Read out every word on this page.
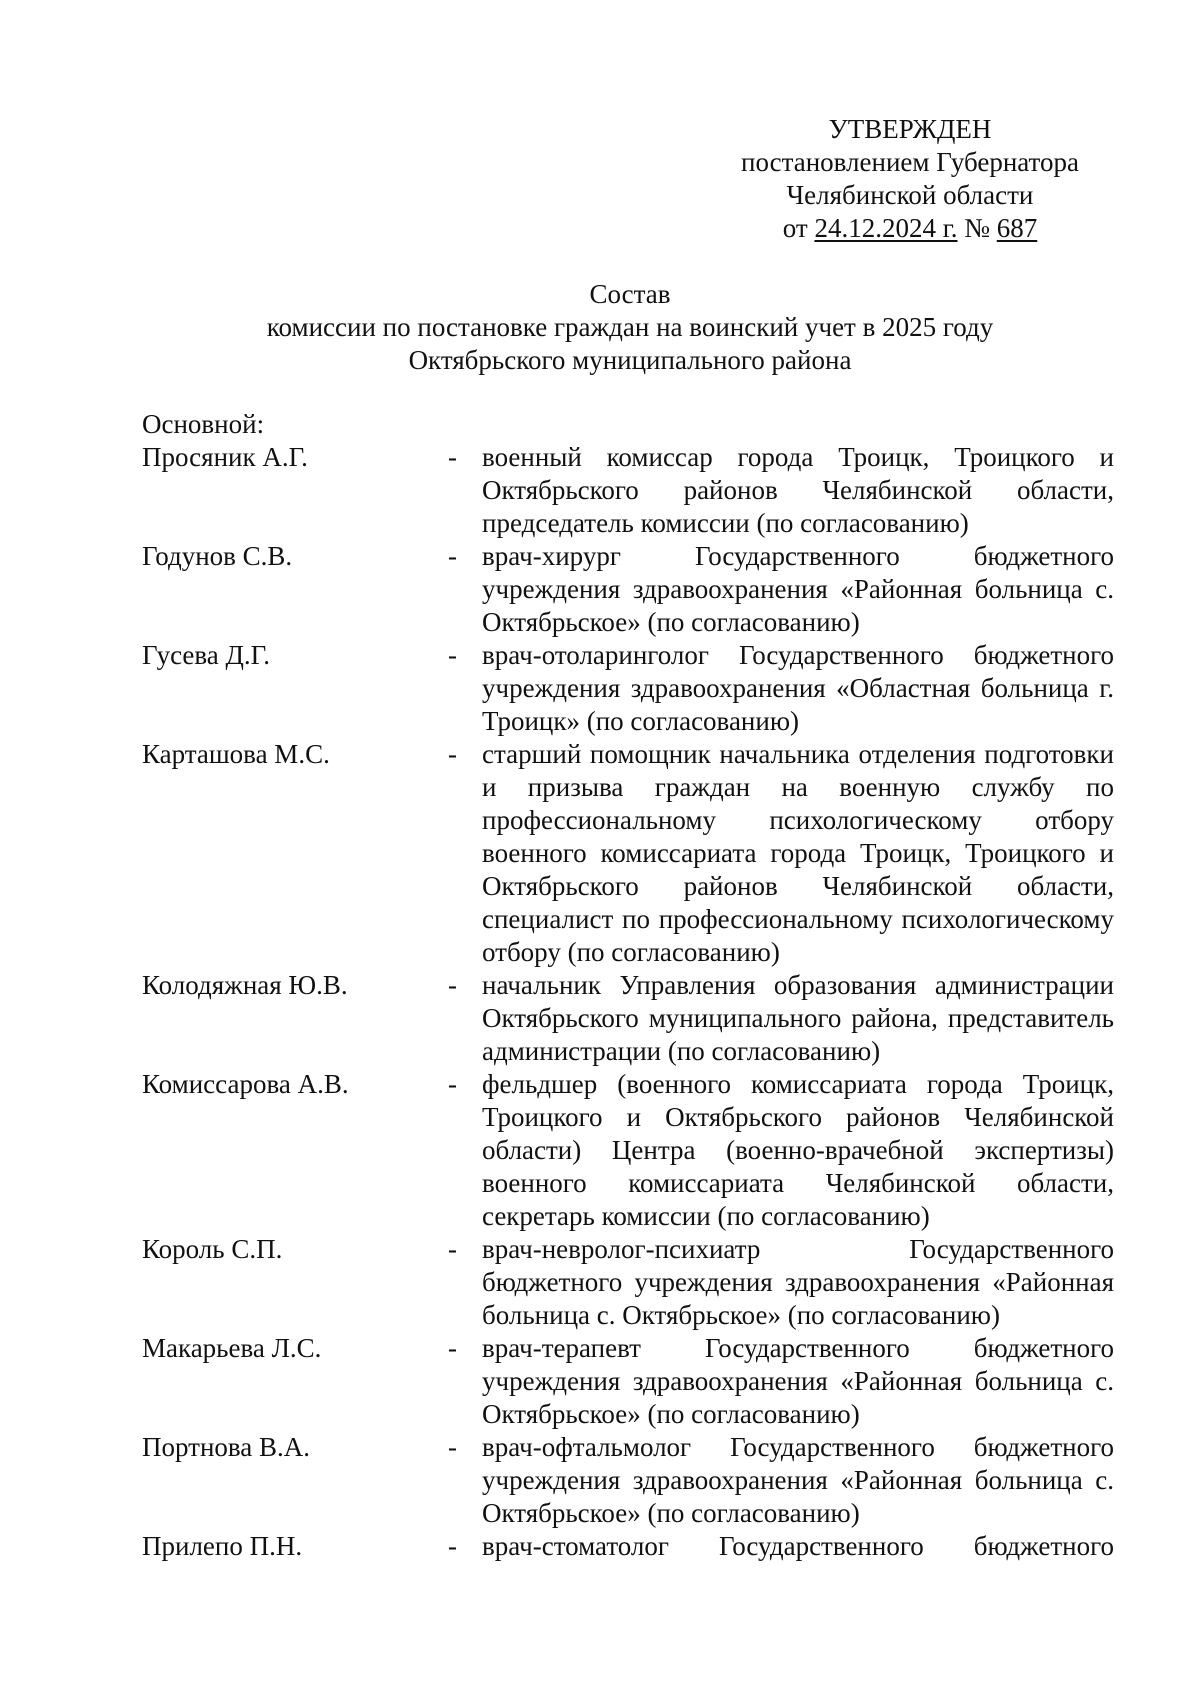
УТВЕРЖДЕН
постановлением Губернатора
Челябинской области
от 24.12.2024 г. № 687
Состав
комиссии по постановке граждан на воинский учет в 2025 году
Октябрьского муниципального района
Основной:
Просяник А.Г.	- военный комиссар города Троицк, Троицкого и Октябрьского районов Челябинской области, председатель комиссии (по согласованию)
Годунов С.В.	- врач-хирург Государственного бюджетного учреждения здравоохранения «Районная больница с. Октябрьское» (по согласованию)
Гусева Д.Г.	- врач-отоларинголог Государственного бюджетного учреждения здравоохранения «Областная больница г. Троицк» (по согласованию)
Карташова М.С.	- старший помощник начальника отделения подготовки и призыва граждан на военную службу по профессиональному психологическому отбору военного комиссариата города Троицк, Троицкого и Октябрьского районов Челябинской области, специалист по профессиональному психологическому отбору (по согласованию)
Колодяжная Ю.В.	- начальник Управления образования администрации Октябрьского муниципального района, представитель администрации (по согласованию)
Комиссарова А.В.	- фельдшер (военного комиссариата города Троицк, Троицкого и Октябрьского районов Челябинской области) Центра (военно-врачебной экспертизы) военного комиссариата Челябинской области, секретарь комиссии (по согласованию)
Король С.П.	- врач-невролог-психиатр Государственного бюджетного учреждения здравоохранения «Районная больница с. Октябрьское» (по согласованию)
Макарьева Л.С.	- врач-терапевт Государственного бюджетного учреждения здравоохранения «Районная больница с. Октябрьское» (по согласованию)
Портнова В.А.	- врач-офтальмолог Государственного бюджетного учреждения здравоохранения «Районная больница с. Октябрьское» (по согласованию)
Прилепо П.Н.	- врач-стоматолог Государственного бюджетного
